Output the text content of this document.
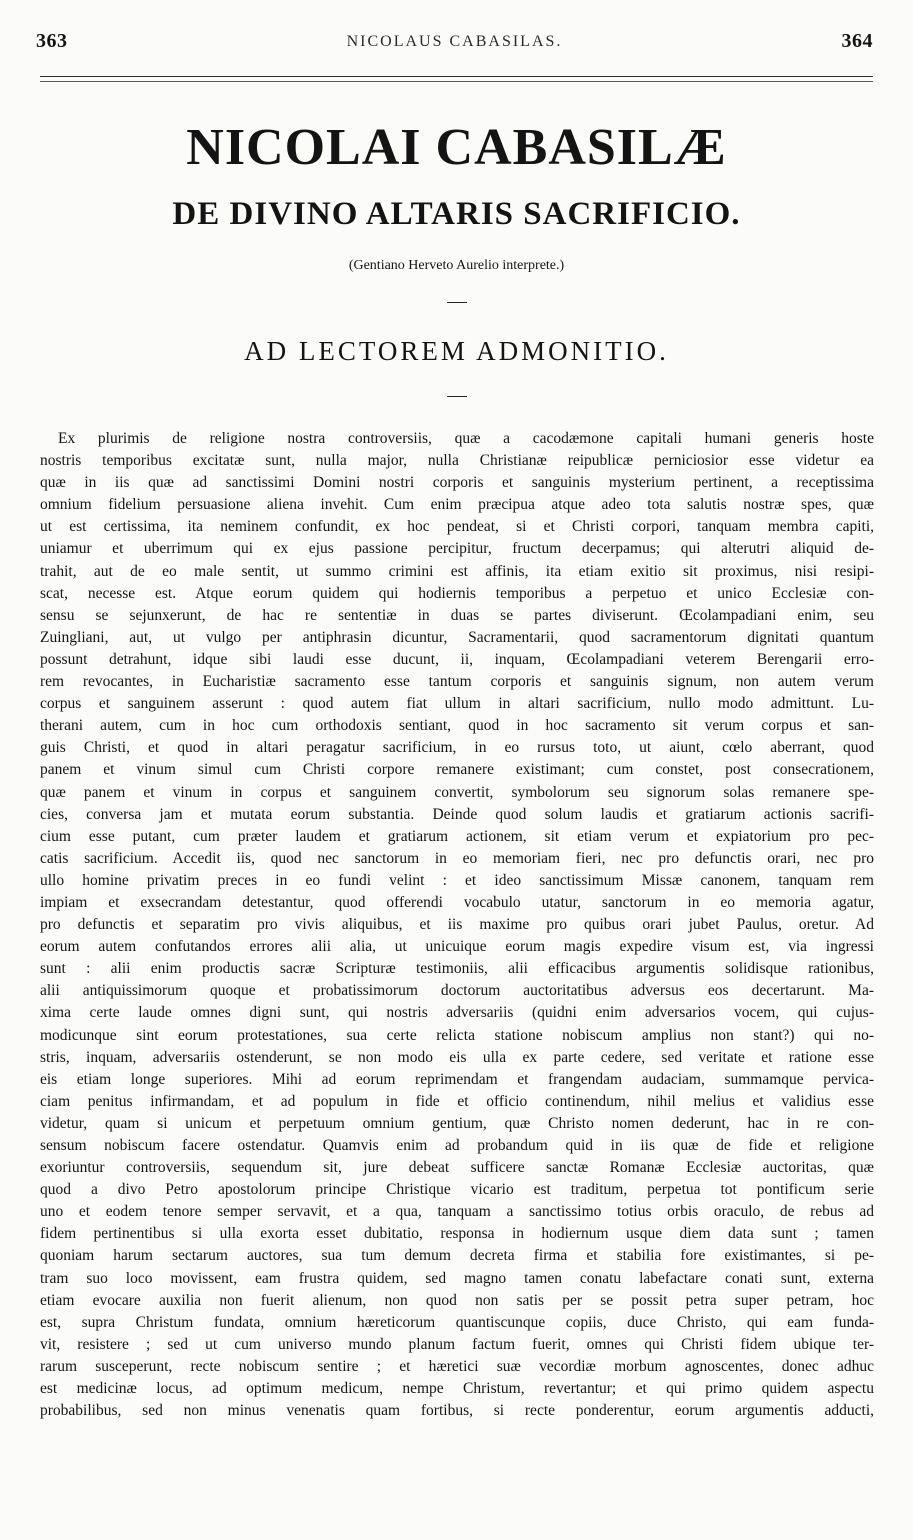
363	NICOLAUS CABASILAS.	364
NICOLAI CABASILÆ
DE DIVINO ALTARIS SACRIFICIO.
(Gentiano Herveto Aurelio interprete.)
AD LECTOREM ADMONITIO.
Ex plurimis de religione nostra controversiis, quæ a cacodæmone capitali humani generis hoste
nostris temporibus excitatæ sunt, nulla major, nulla Christianæ reipublicæ perniciosior esse videtur ea
quæ in iis quæ ad sanctissimi Domini nostri corporis et sanguinis mysterium pertinent, a receptissima
omnium fidelium persuasione aliena invehit. Cum enim præcipua atque adeo tota salutis nostræ spes, quæ
ut est certissima, ita neminem confundit, ex hoc pendeat, si et Christi corpori, tanquam membra capiti,
uniamur et uberrimum qui ex ejus passione percipitur, fructum decerpamus; qui alterutri aliquid de-
trahit, aut de eo male sentit, ut summo crimini est affinis, ita etiam exitio sit proximus, nisi resipi-
scat, necesse est. Atque eorum quidem qui hodiernis temporibus a perpetuo et unico Ecclesiæ con-
sensu se sejunxerunt, de hac re sententiæ in duas se partes diviserunt. Œcolampadiani enim, seu
Zuingliani, aut, ut vulgo per antiphrasin dicuntur, Sacramentarii, quod sacramentorum dignitati quantum
possunt detrahunt, idque sibi laudi esse ducunt, ii, inquam, Œcolampadiani veterem Berengarii erro-
rem revocantes, in Eucharistiæ sacramento esse tantum corporis et sanguinis signum, non autem verum
corpus et sanguinem asserunt : quod autem fiat ullum in altari sacrificium, nullo modo admittunt. Lu-
therani autem, cum in hoc cum orthodoxis sentiant, quod in hoc sacramento sit verum corpus et san-
guis Christi, et quod in altari peragatur sacrificium, in eo rursus toto, ut aiunt, cœlo aberrant, quod
panem et vinum simul cum Christi corpore remanere existimant; cum constet, post consecrationem,
quæ panem et vinum in corpus et sanguinem convertit, symbolorum seu signorum solas remanere spe-
cies, conversa jam et mutata eorum substantia. Deinde quod solum laudis et gratiarum actionis sacrifi-
cium esse putant, cum præter laudem et gratiarum actionem, sit etiam verum et expiatorium pro pec-
catis sacrificium. Accedit iis, quod nec sanctorum in eo memoriam fieri, nec pro defunctis orari, nec pro
ullo homine privatim preces in eo fundi velint : et ideo sanctissimum Missæ canonem, tanquam rem
impiam et exsecrandam detestantur, quod offerendi vocabulo utatur, sanctorum in eo memoria agatur,
pro defunctis et separatim pro vivis aliquibus, et iis maxime pro quibus orari jubet Paulus, oretur. Ad
eorum autem confutandos errores alii alia, ut unicuique eorum magis expedire visum est, via ingressi
sunt : alii enim productis sacræ Scripturæ testimoniis, alii efficacibus argumentis solidisque rationibus,
alii antiquissimorum quoque et probatissimorum doctorum auctoritatibus adversus eos decertarunt. Ma-
xima certe laude omnes digni sunt, qui nostris adversariis (quidni enim adversarios vocem, qui cujus-
modicunque sint eorum protestationes, sua certe relicta statione nobiscum amplius non stant?) qui no-
stris, inquam, adversariis ostenderunt, se non modo eis ulla ex parte cedere, sed veritate et ratione esse
eis etiam longe superiores. Mihi ad eorum reprimendam et frangendam audaciam, summamque pervica-
ciam penitus infirmandam, et ad populum in fide et officio continendum, nihil melius et validius esse
videtur, quam si unicum et perpetuum omnium gentium, quæ Christo nomen dederunt, hac in re con-
sensum nobiscum facere ostendatur. Quamvis enim ad probandum quid in iis quæ de fide et religione
exoriuntur controversiis, sequendum sit, jure debeat sufficere sanctæ Romanæ Ecclesiæ auctoritas, quæ
quod a divo Petro apostolorum principe Christique vicario est traditum, perpetua tot pontificum serie
uno et eodem tenore semper servavit, et a qua, tanquam a sanctissimo totius orbis oraculo, de rebus ad
fidem pertinentibus si ulla exorta esset dubitatio, responsa in hodiernum usque diem data sunt ; tamen
quoniam harum sectarum auctores, sua tum demum decreta firma et stabilia fore existimantes, si pe-
tram suo loco movissent, eam frustra quidem, sed magno tamen conatu labefactare conati sunt, externa
etiam evocare auxilia non fuerit alienum, non quod non satis per se possit petra super petram, hoc
est, supra Christum fundata, omnium hæreticorum quantiscunque copiis, duce Christo, qui eam funda-
vit, resistere ; sed ut cum universo mundo planum factum fuerit, omnes qui Christi fidem ubique ter-
rarum susceperunt, recte nobiscum sentire ; et hæretici suæ vecordiæ morbum agnoscentes, donec adhuc
est medicinæ locus, ad optimum medicum, nempe Christum, revertantur; et qui primo quidem aspectu
probabilibus, sed non minus venenatis quam fortibus, si recte ponderentur, eorum argumentis adducti,
